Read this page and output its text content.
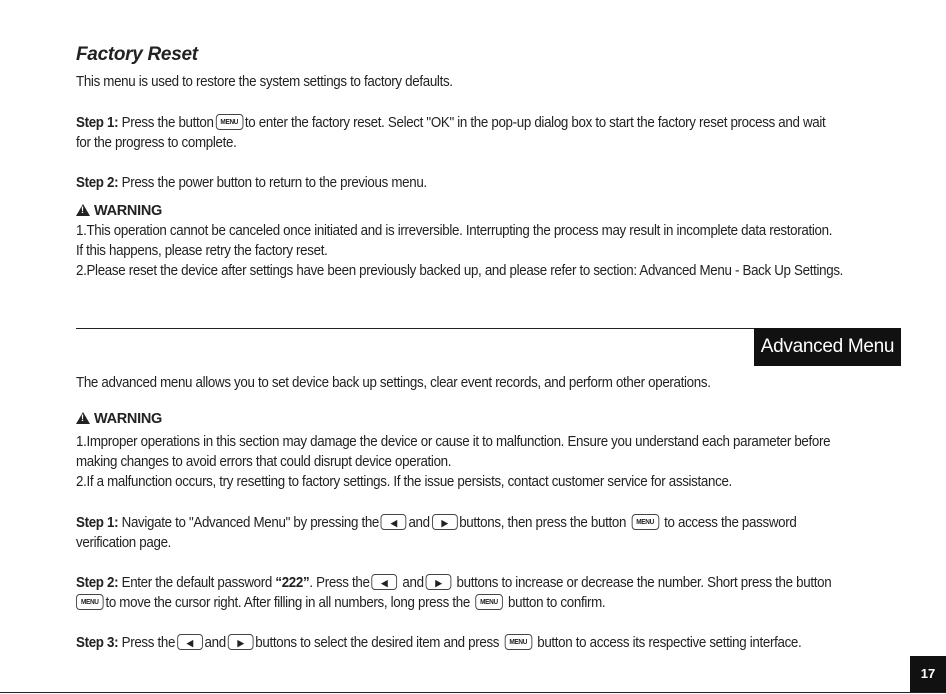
Factory Reset
This menu is used to restore the system settings to factory defaults.
Step 1: Press the button MENU to enter the factory reset. Select "OK" in the pop-up dialog box to start the factory reset process and wait
for the progress to complete.
Step 2: Press the power button to return to the previous menu.
!WARNING
1.This operation cannot be canceled once initiated and is irreversible. Interrupting the process may result in incomplete data restoration.
If this happens, please retry the factory reset.
2.Please reset the device after settings have been previously backed up, and please refer to section: Advanced Menu - Back Up Settings.
Advanced Menu
The advanced menu allows you to set device back up settings, clear event records, and perform other operations.
!WARNING
1.Improper operations in this section may damage the device or cause it to malfunction. Ensure you understand each parameter before
making changes to avoid errors that could disrupt device operation.
2.If a malfunction occurs, try resetting to factory settings. If the issue persists, contact customer service for assistance.
Step 1: Navigate to "Advanced Menu" by pressing the ◀ and ▶ buttons, then press the button MENU to access the password
verification page.
Step 2: Enter the default password “222”. Press the ◀ and ▶ buttons to increase or decrease the number. Short press the button
MENU to move the cursor right. After filling in all numbers, long press the MENU button to confirm.
Step 3: Press the ◀ and ▶ buttons to select the desired item and press MENU button to access its respective setting interface.
17
